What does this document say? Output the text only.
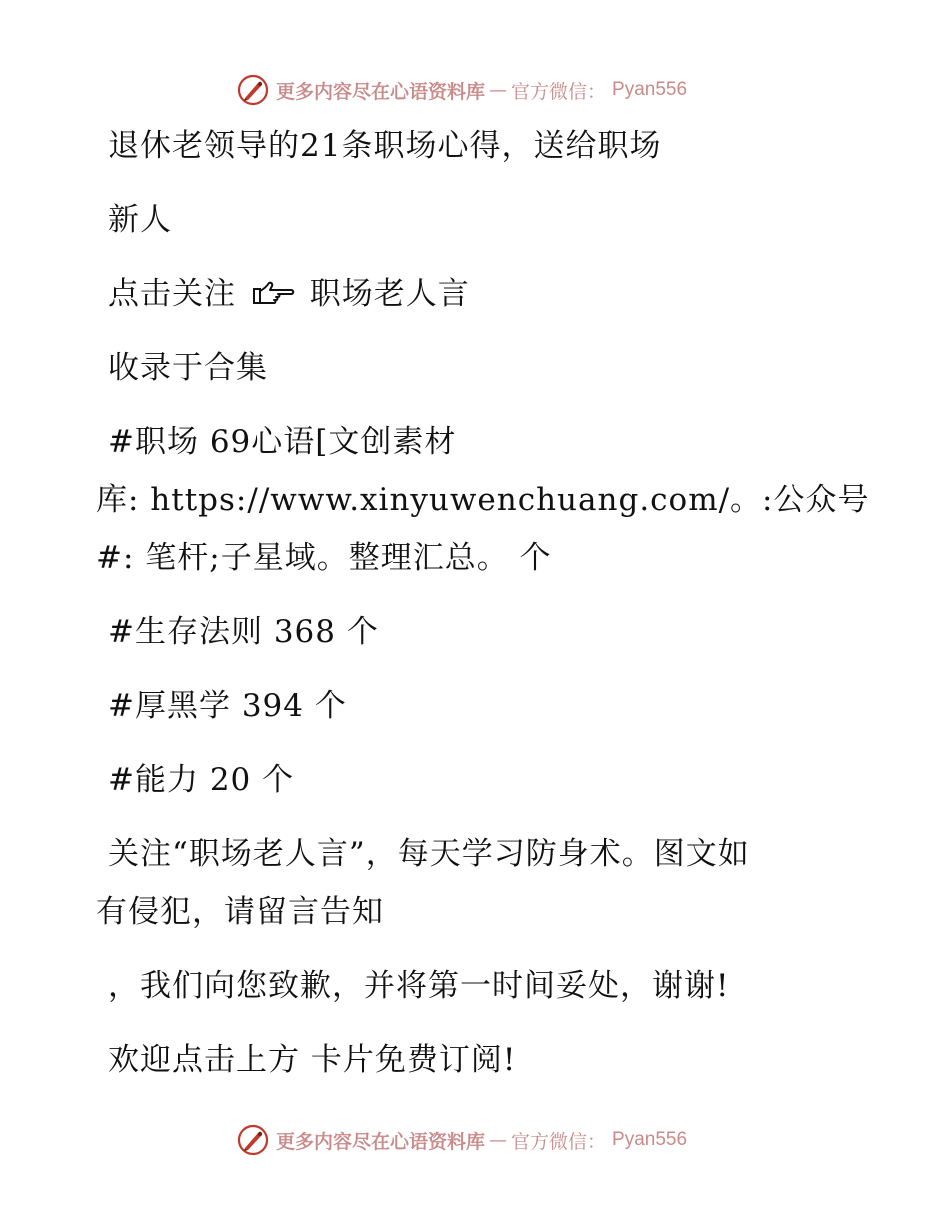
更多内容尽在心语资料库 — 官方微信： Pyan556
退休老领导的21条职场心得，送给职场
新人
点击关注 职场老人言
收录于合集
#职场 69心语[文创素材
库: https://www.xinyuwenchuang.com/。:公众号
#: 笔杆;子星域。整理汇总。 个
#生存法则 368 个
#厚黑学 394 个
#能力 20 个
关注“职场老人言”，每天学习防身术。图文如
有侵犯，请留言告知
，我们向您致歉，并将第一时间妥处，谢谢!
欢迎点击上方 卡片免费订阅!
更多内容尽在心语资料库 — 官方微信： Pyan556
